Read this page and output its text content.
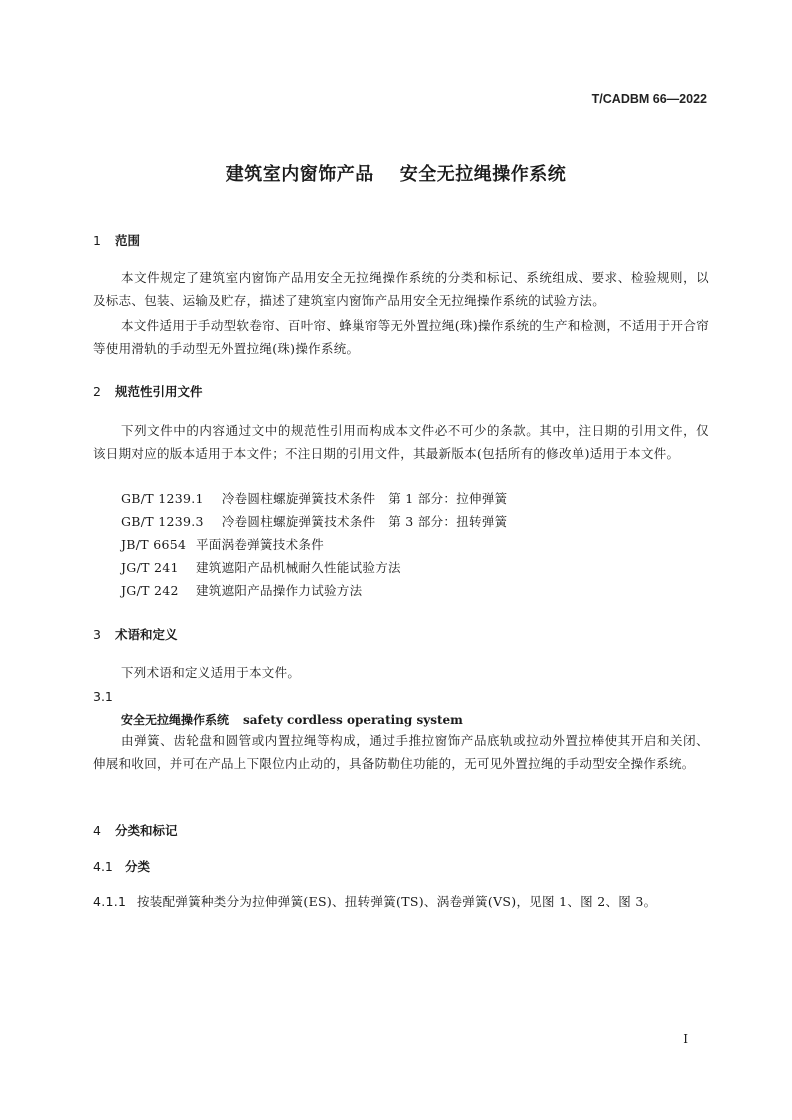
T/CADBM 66—2022
建筑室内窗饰产品 安全无拉绳操作系统
1 范围
本文件规定了建筑室内窗饰产品用安全无拉绳操作系统的分类和标记、系统组成、要求、检验规则，以及标志、包装、运输及贮存，描述了建筑室内窗饰产品用安全无拉绳操作系统的试验方法。
本文件适用于手动型软卷帘、百叶帘、蜂巢帘等无外置拉绳(珠)操作系统的生产和检测，不适用于开合帘等使用滑轨的手动型无外置拉绳(珠)操作系统。
2 规范性引用文件
下列文件中的内容通过文中的规范性引用而构成本文件必不可少的条款。其中，注日期的引用文件，仅该日期对应的版本适用于本文件；不注日期的引用文件，其最新版本(包括所有的修改单)适用于本文件。
GB/T 1239.1　 冷卷圆柱螺旋弹簧技术条件　第 1 部分：拉伸弹簧
GB/T 1239.3　 冷卷圆柱螺旋弹簧技术条件　第 3 部分：扭转弹簧
JB/T 6654 平面涡卷弹簧技术条件
JG/T 241 建筑遮阳产品机械耐久性能试验方法
JG/T 242 建筑遮阳产品操作力试验方法
3 术语和定义
下列术语和定义适用于本文件。
3.1
安全无拉绳操作系统 safety cordless operating system
由弹簧、齿轮盘和圆管或内置拉绳等构成，通过手推拉窗饰产品底轨或拉动外置拉棒使其开启和关闭、伸展和收回，并可在产品上下限位内止动的，具备防勒住功能的，无可见外置拉绳的手动型安全操作系统。
4 分类和标记
4.1 分类
4.1.1 按装配弹簧种类分为拉伸弹簧(ES)、扭转弹簧(TS)、涡卷弹簧(VS)，见图 1、图 2、图 3。
I
